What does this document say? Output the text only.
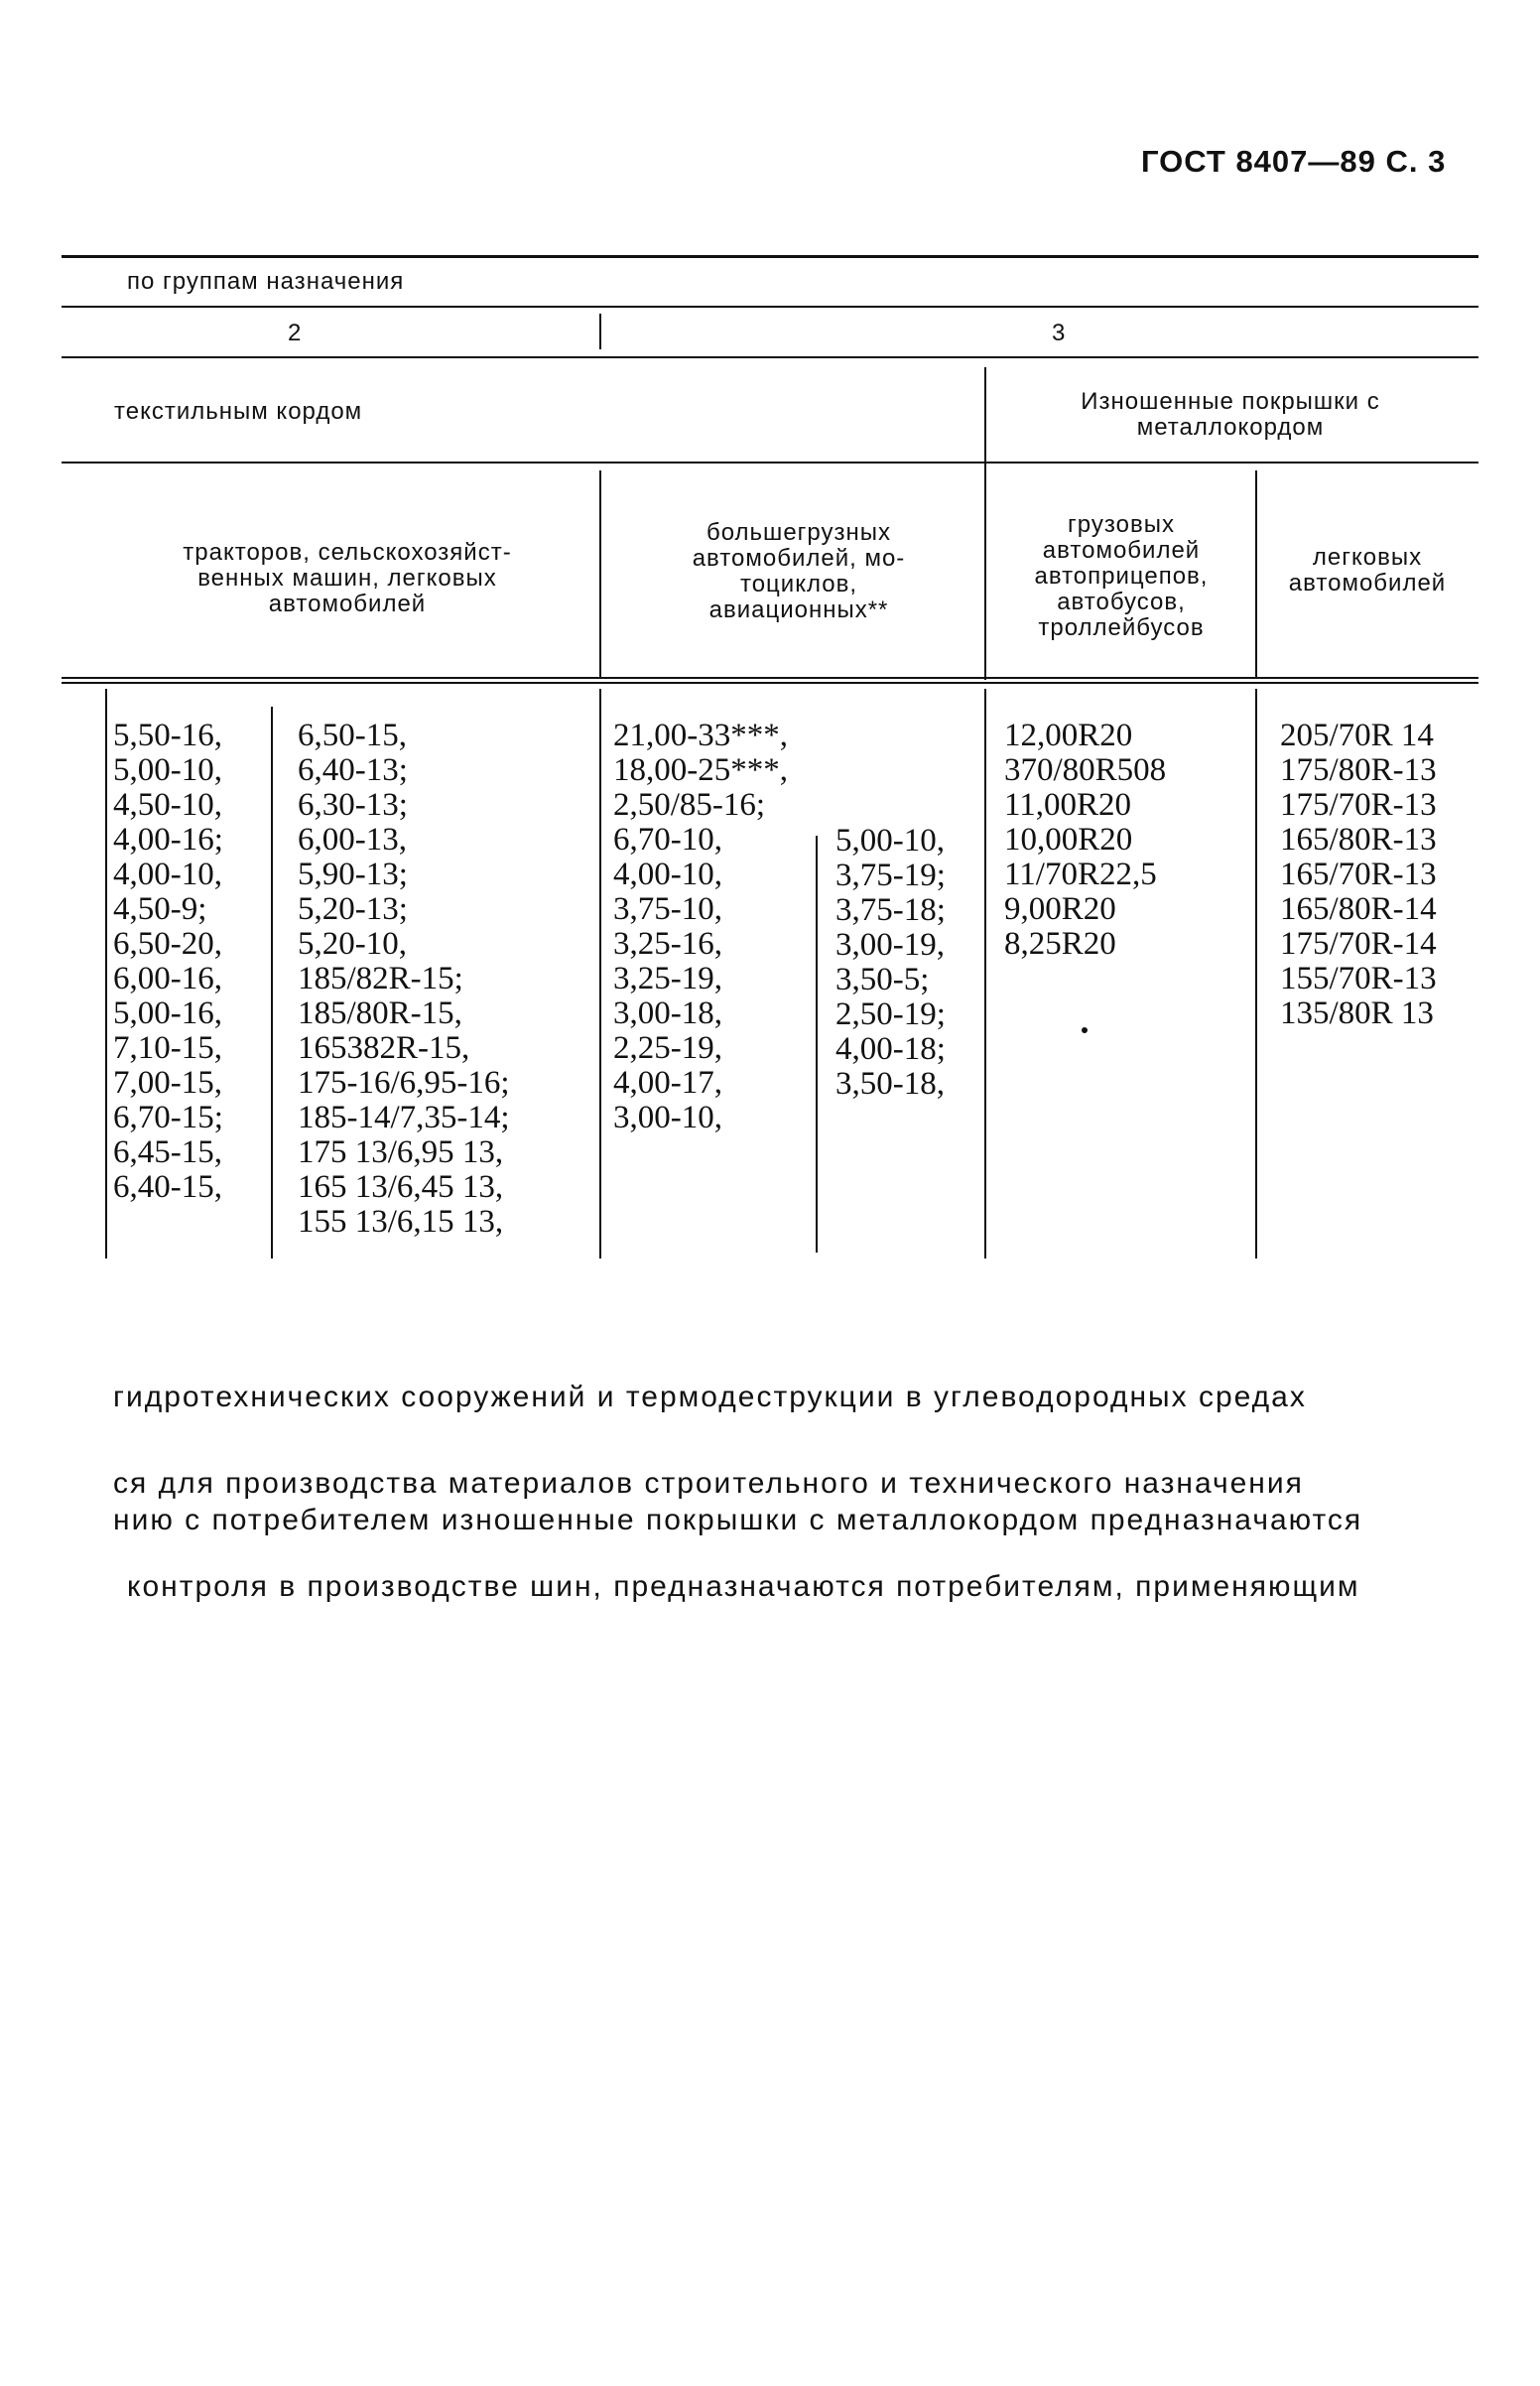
ГОСТ 8407—89 С. 3
по группам назначения
2	3
текстильным кордом	Изношенные покрышки с металлокордом
тракторов, сельскохозяйст-венных машин, легковых автомобилей
большегрузных автомобилей, мо-тоциклов, авиационных**
грузовых автомобилей автоприцепов, автобусов, троллейбусов
легковых автомобилей
5,50-16,
5,00-10,
4,50-10,
4,00-16;
4,00-10,
4,50-9;
6,50-20,
6,00-16,
5,00-16,
7,10-15,
7,00-15,
6,70-15;
6,45-15,
6,40-15,
6,50-15,
6,40-13;
6,30-13;
6,00-13,
5,90-13;
5,20-13;
5,20-10,
185/82R-15;
185/80R-15,
165382R-15,
175-16/6,95-16;
185-14/7,35-14;
175 13/6,95 13,
165 13/6,45 13,
155 13/6,15 13,
21,00-33***,
18,00-25***,
2,50/85-16;
6,70-10,
4,00-10,
3,75-10,
3,25-16,
3,25-19,
3,00-18,
2,25-19,
4,00-17,
3,00-10,
5,00-10,
3,75-19;
3,75-18;
3,00-19,
3,50-5;
2,50-19;
4,00-18;
3,50-18,
12,00R20
370/80R508
11,00R20
10,00R20
11/70R22,5
9,00R20
8,25R20
205/70R 14
175/80R-13
175/70R-13
165/80R-13
165/70R-13
165/80R-14
175/70R-14
155/70R-13
135/80R 13
гидротехнических сооружений и термодеструкции в углеводородных средах
ся для производства материалов строительного и технического назначения
нию с потребителем изношенные покрышки с металлокордом предназначаются
контроля в производстве шин, предназначаются потребителям, применяющим
